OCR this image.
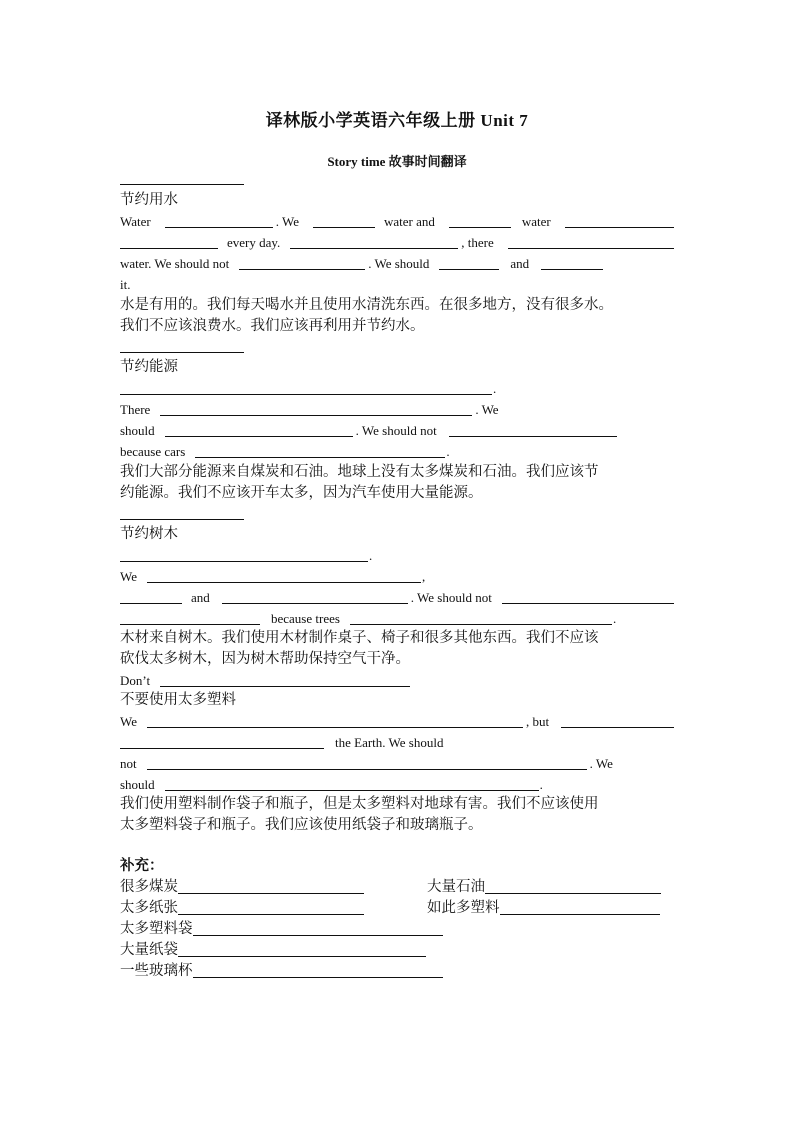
译林版小学英语六年级上册 Unit 7
Story time 故事时间翻译
节约用水
Water	. We	water and	water
every day.	, there
water. We should not	. We should	and
it.
水是有用的。我们每天喝水并且使用水清洗东西。在很多地方，没有很多水。
我们不应该浪费水。我们应该再利用并节约水。
节约能源
.
There	. We
should	. We should not
because cars	.
我们大部分能源来自煤炭和石油。地球上没有太多煤炭和石油。我们应该节
约能源。我们不应该开车太多，因为汽车使用大量能源。
节约树木
.
We	,
and	. We should not
because trees	.
木材来自树木。我们使用木材制作桌子、椅子和很多其他东西。我们不应该
砍伐太多树木，因为树木帮助保持空气干净。
Don’t
不要使用太多塑料
We	, but
the Earth. We should
not	. We
should	.
我们使用塑料制作袋子和瓶子，但是太多塑料对地球有害。我们不应该使用
太多塑料袋子和瓶子。我们应该使用纸袋子和玻璃瓶子。
补充：
很多煤炭	大量石油
太多纸张	如此多塑料
太多塑料袋
大量纸袋
一些玻璃杯
